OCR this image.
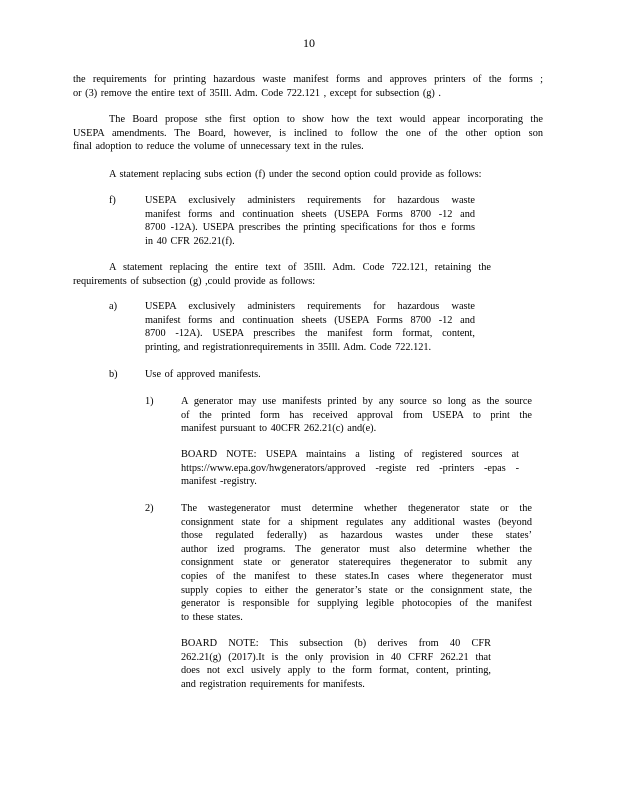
10

the requirements for printing hazardous waste manifest forms and approves printers of the forms ;

or (3) remove the entire text of 35Ill. Adm. Code 722.121 , except for subsection (g) .

The Board propose sthe first option to show how the text would appear incorporating the

USEPA amendments. The Board, however, is inclined to follow the one of the other option son

final adoption to reduce the volume of unnecessary text in the rules.

A statement replacing subs ection (f) under the second option could provide as follows:

f)	USEPA exclusively administers requirements for hazardous waste

manifest forms and continuation sheets (USEPA Forms 8700 -12 and

8700 -12A). USEPA prescribes the printing specifications for thos e forms

in 40 CFR 262.21(f).

A statement replacing the entire text of 35Ill. Adm. Code 722.121, retaining the

requirements of subsection (g) ,could provide as follows:

a)	USEPA exclusively administers requirements for hazardous waste

manifest forms and continuation sheets (USEPA Forms 8700 -12 and

8700 -12A). USEPA prescribes the manifest form format, content,

printing, and registrationrequirements in 35Ill. Adm. Code 722.121.

b)	Use of approved manifests.

1)	A generator may use manifests printed by any source so long as the source

of the printed form has received approval from USEPA to print the

manifest pursuant to 40CFR 262.21(c) and(e).

BOARD NOTE: USEPA maintains a listing of registered sources at

https://www.epa.gov/hwgenerators/approved -registe red -printers -epas -

manifest -registry.

2)	The wastegenerator must determine whether thegenerator state or the

consignment state for a shipment regulates any additional wastes (beyond

those regulated federally) as hazardous wastes under these states’

author ized programs. The generator must also determine whether the

consignment state or generator staterequires thegenerator to submit any

copies of the manifest to these states.In cases where thegenerator must

supply copies to either the generator’s state or the consignment state, the

generator is responsible for supplying legible photocopies of the manifest

to these states.

BOARD NOTE: This subsection (b) derives from 40 CFR

262.21(g) (2017).It is the only provision in 40 CFRF 262.21 that

does not excl usively apply to the form format, content, printing,

and registration requirements for manifests.
